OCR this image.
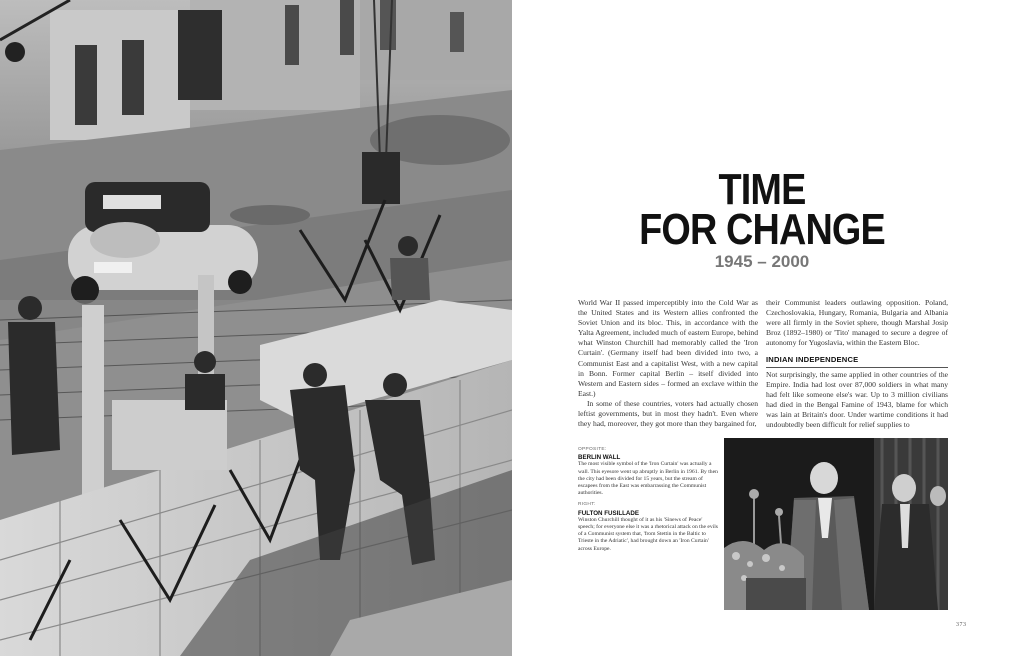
TIME
FOR CHANGE
1945 – 2000

World War II passed imperceptibly into the Cold War as the United States and its Western allies confronted the Soviet Union and its bloc. This, in accordance with the Yalta Agreement, included much of eastern Europe, behind what Winston Churchill had memorably called the 'Iron Curtain'. (Germany itself had been divided into two, a Communist East and a capitalist West, with a new capital in Bonn. Former capital Berlin – itself divided into Western and Eastern sides – formed an exclave within the East.)

In some of these countries, voters had actually chosen leftist governments, but in most they hadn't. Even where they had, moreover, they got more than they bargained for,

their Communist leaders outlawing opposition. Poland, Czechoslovakia, Hungary, Romania, Bulgaria and Albania were all firmly in the Soviet sphere, though Marshal Josip Broz (1892–1980) or 'Tito' managed to secure a degree of autonomy for Yugoslavia, within the Eastern Bloc.

INDIAN INDEPENDENCE

Not surprisingly, the same applied in other countries of the Empire. India had lost over 87,000 soldiers in what many had felt like someone else's war. Up to 3 million civilians had died in the Bengal Famine of 1943, blame for which was lain at Britain's door. Under wartime conditions it had undoubtedly been difficult for relief supplies to

OPPOSITE:
BERLIN WALL
The most visible symbol of the 'Iron Curtain' was actually a wall. This eyesore went up abruptly in Berlin in 1961. By then the city had been divided for 15 years, but the stream of escapees from the East was embarrassing the Communist authorities.
RIGHT:
FULTON FUSILLADE
Winston Churchill thought of it as his 'Sinews of Peace' speech; for everyone else it was a rhetorical attack on the evils of a Communist system that, 'from Stettin in the Baltic to Trieste in the Adriatic', had brought down an 'Iron Curtain' across Europe.
373
